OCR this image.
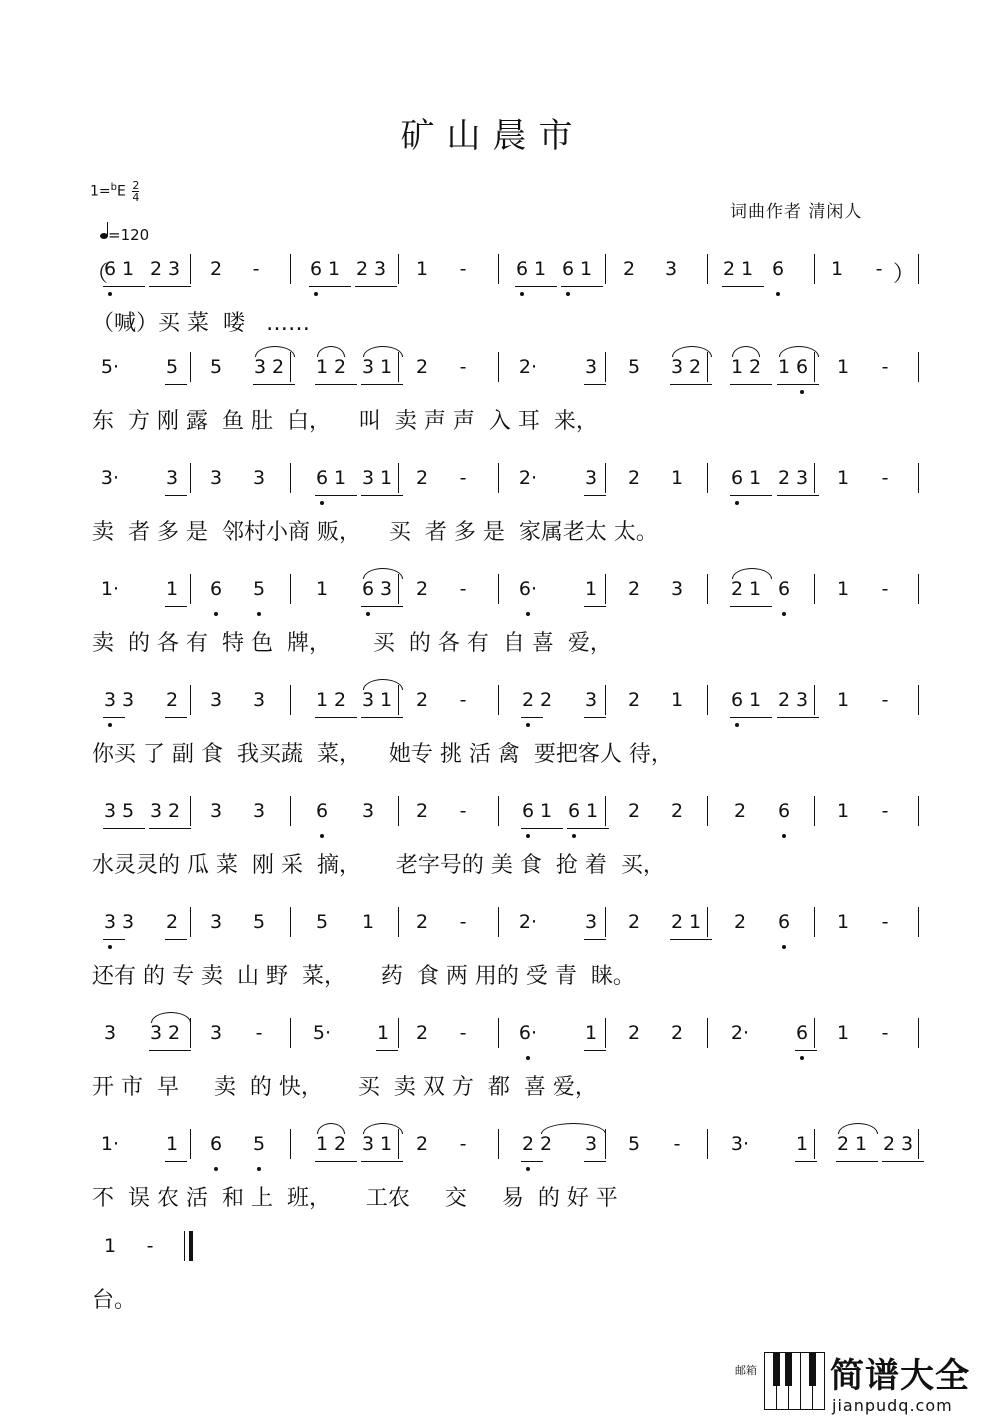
矿山晨市
$1=^bE \frac{2}{4}$
=120
词曲作者 清闲人
（	）
6 1 2 3	2	-	6 1 2 3	1	-	6 1 6 1	2	3	2 1 6	1	-
（喊）买 菜  喽   ……
5·	5	5	3 2	1 2 3 1	2	-	2·	3	5	3 2	1 2 1 6	1	-
东  方 刚 露  鱼 肚  白，    叫  卖 声 声  入 耳  来，
3·	3	3	3	6 1 3 1	2	-	2·	3	2	1	6 1 2 3	1	-
卖  者 多 是  邻村小商 贩，    买  者 多 是  家属老太 太。
1·	1	6	5	1	6 3	2	-	6·	1	2	3	2 1 6	1	-
卖  的 各 有  特 色  牌，      买  的 各 有  自 喜  爱，
3 3	2	3	3	1 2 3 1	2	-	2 2	3	2	1	6 1 2 3	1	-
你买 了 副 食  我买蔬  菜，    她专 挑 活 禽  要把客人 待，
3 5 3 2	3	3	6	3	2	-	6 1 6 1	2	2	2	6	1	-
水灵灵的 瓜 菜  刚 采  摘，     老字号的 美 食  抢 着  买，
3 3	2	3	5	5	1	2	-	2·	3	2	2 1	2	6	1	-
还有 的 专 卖  山 野  菜，     药  食 两 用的 受 青  睐。
3	3 2	3	-	5·	1	2	-	6·	1	2	2	2·	6	1	-
开 市  早     卖  的 快，     买  卖 双 方  都  喜 爱，
1·	1	6	5	1 2 3 1	2	-	2 2	3	5	-	3·	1	2 1 2 3
不  误 农 活  和 上  班，     工农     交     易  的 好 平
1	-
台。
邮箱 简谱大全
jianpudq.com
